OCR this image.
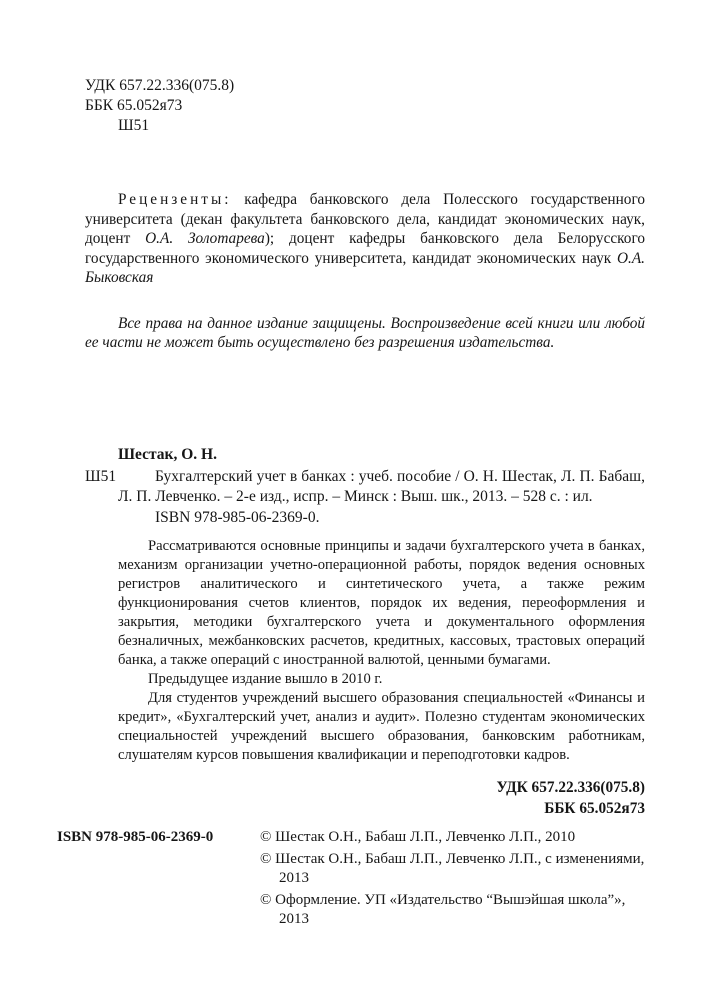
УДК 657.22.336(075.8)
ББК 65.052я73
Ш51

Рецензенты: кафедра банковского дела Полесского государственного университета (декан факультета банковского дела, кандидат экономических наук, доцент О.А. Золотарева); доцент кафедры банковского дела Белорусского государственного экономического университета, кандидат экономических наук О.А. Быковская

Все права на данное издание защищены. Воспроизведение всей книги или любой ее части не может быть осуществлено без разрешения издательства.

Шестак, О. Н.

Ш51	Бухгалтерский учет в банках : учеб. пособие / О. Н. Шестак, Л. П. Бабаш, Л. П. Левченко. – 2-е изд., испр. – Минск : Выш. шк., 2013. – 528 с. : ил.

ISBN 978-985-06-2369-0.

Рассматриваются основные принципы и задачи бухгалтерского учета в банках, механизм организации учетно-операционной работы, порядок ведения основных регистров аналитического и синтетического учета, а также режим функционирования счетов клиентов, порядок их ведения, переоформления и закрытия, методики бухгалтерского учета и документального оформления безналичных, межбанковских расчетов, кредитных, кассовых, трастовых операций банка, а также операций с иностранной валютой, ценными бумагами.

Предыдущее издание вышло в 2010 г.

Для студентов учреждений высшего образования специальностей «Финансы и кредит», «Бухгалтерский учет, анализ и аудит». Полезно студентам экономических специальностей учреждений высшего образования, банковским работникам, слушателям курсов повышения квалификации и переподготовки кадров.

УДК 657.22.336(075.8)
ББК 65.052я73
ISBN 978-985-06-2369-0	© Шестак О.Н., Бабаш Л.П., Левченко Л.П., 2010
© Шестак О.Н., Бабаш Л.П., Левченко Л.П., с изменениями, 2013
© Оформление. УП «Издательство “Вышэйшая школа”», 2013
